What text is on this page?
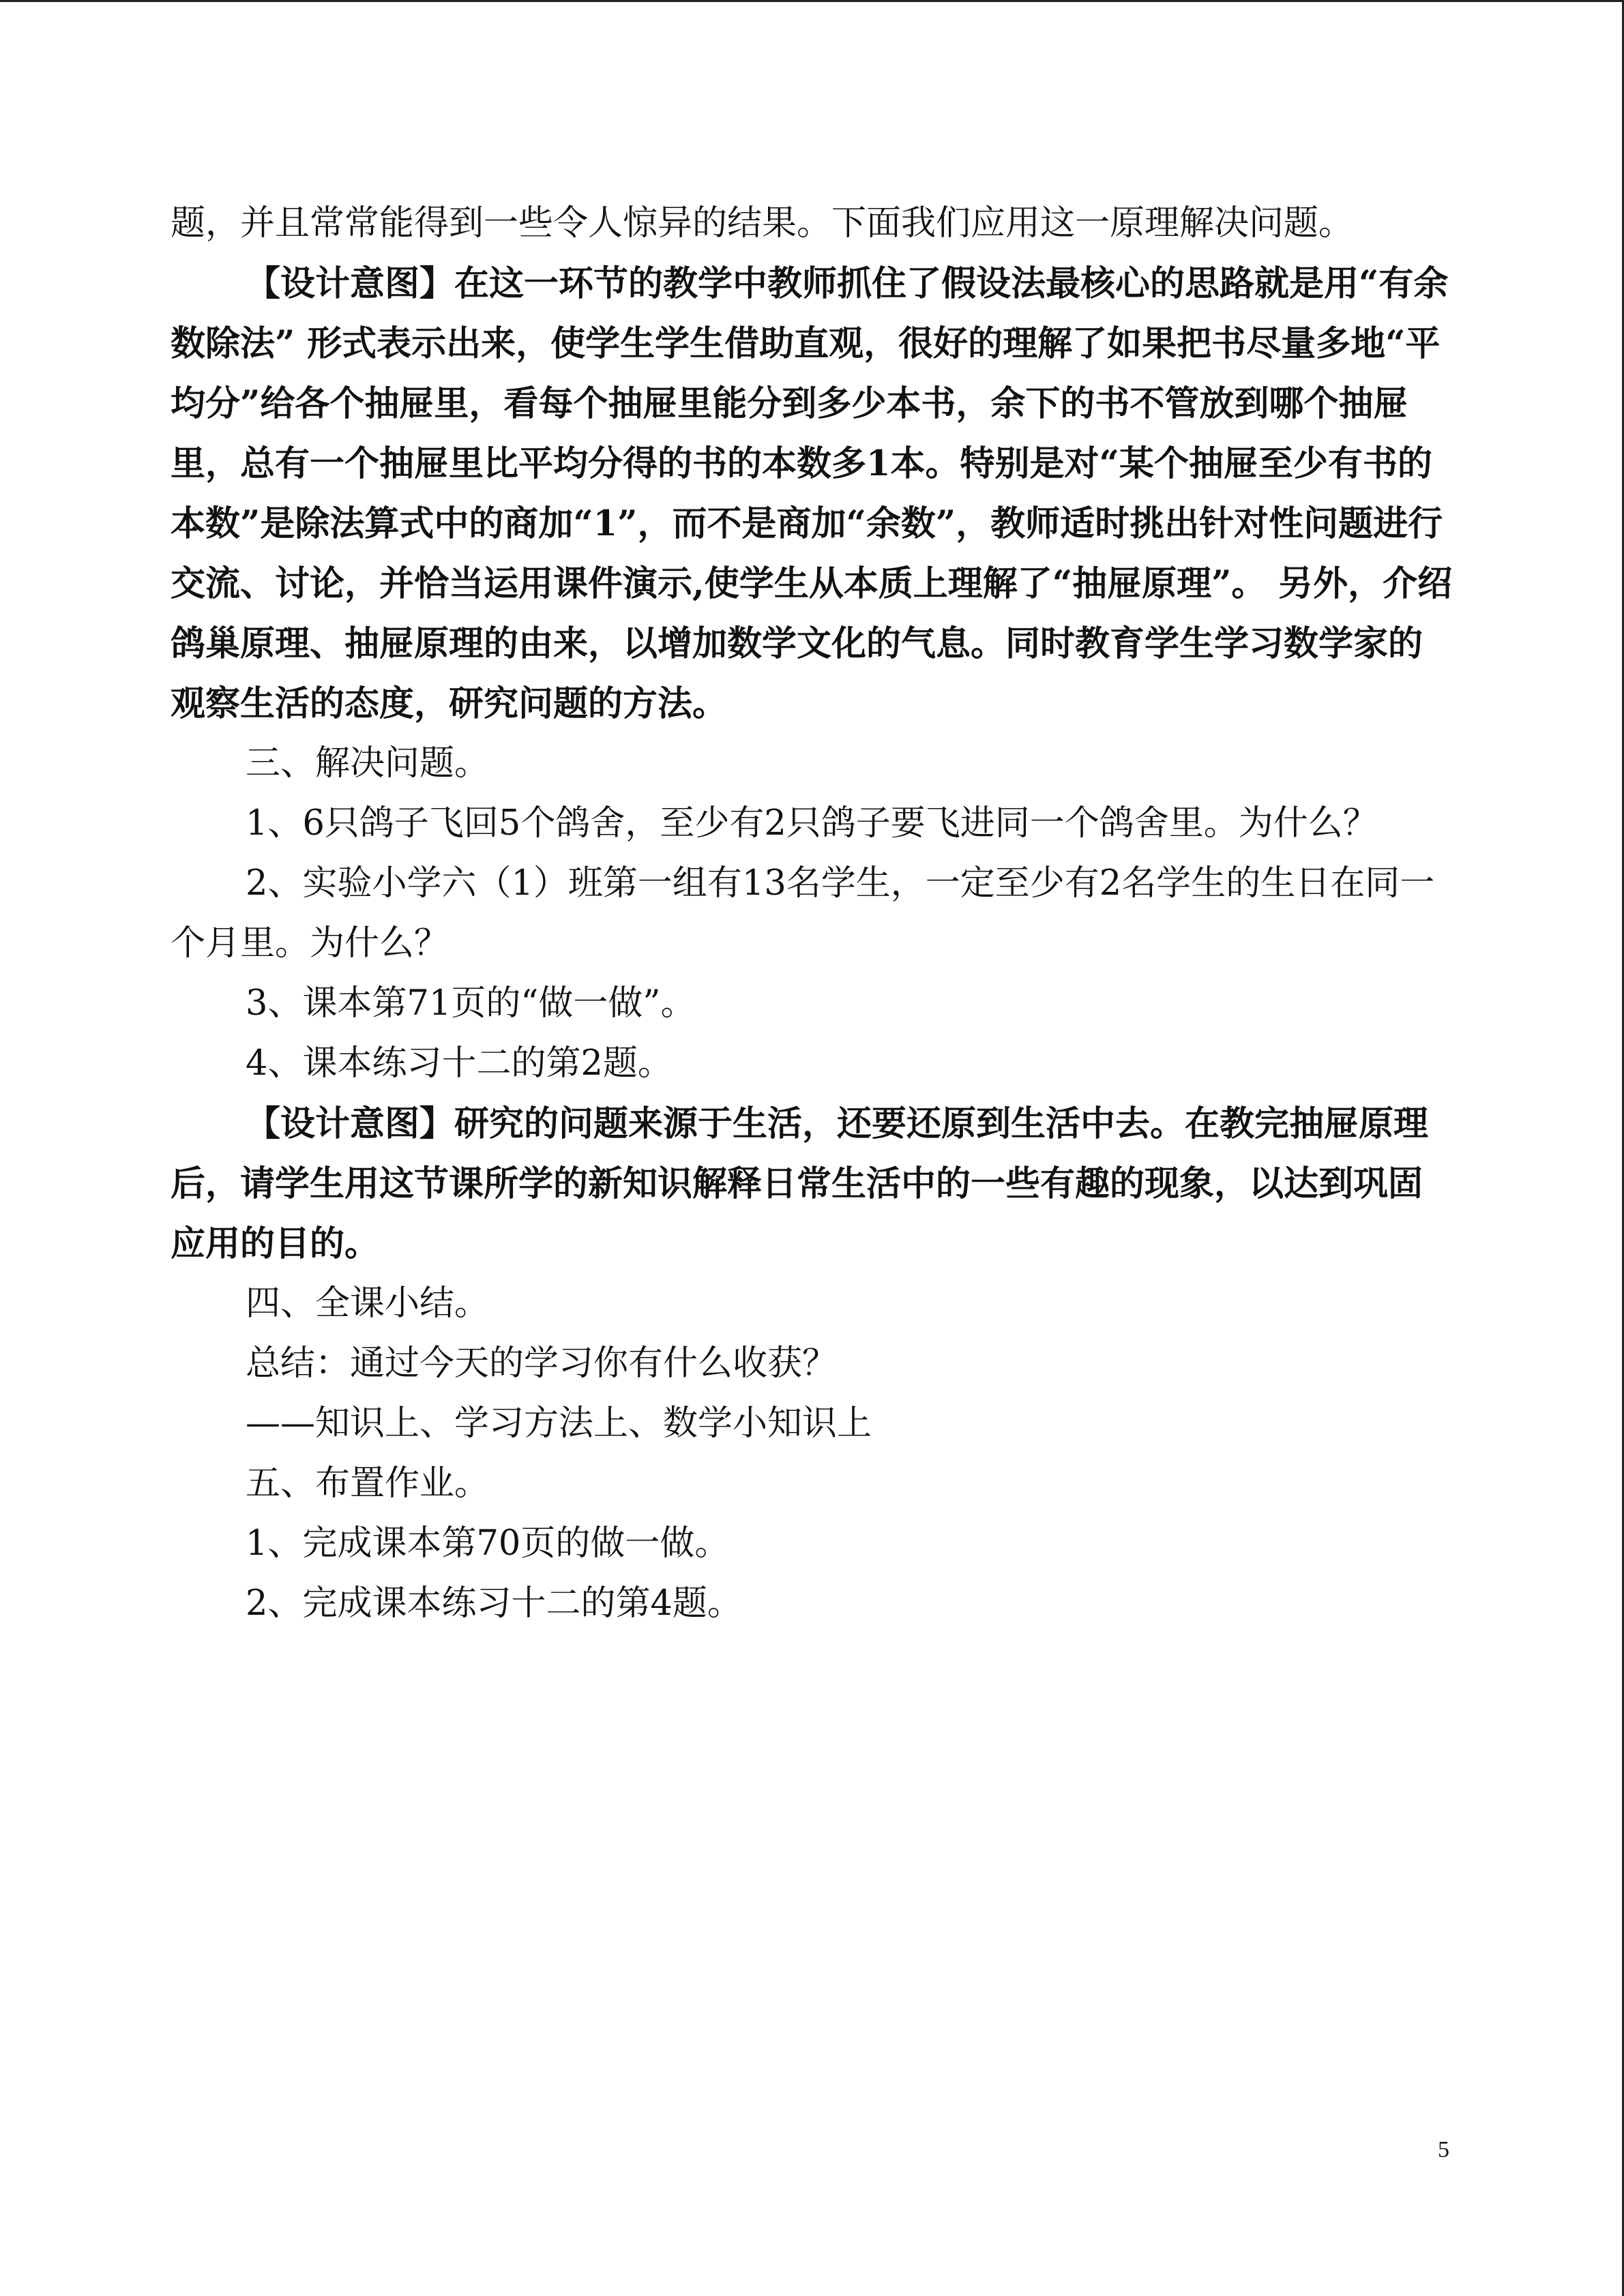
题，并且常常能得到一些令人惊异的结果。下面我们应用这一原理解决问题。

【设计意图】在这一环节的教学中教师抓住了假设法最核心的思路就是用“有余数除法” 形式表示出来，使学生学生借助直观，很好的理解了如果把书尽量多地“平均分”给各个抽屉里，看每个抽屉里能分到多少本书，余下的书不管放到哪个抽屉里，总有一个抽屉里比平均分得的书的本数多1本。特别是对“某个抽屉至少有书的本数”是除法算式中的商加“1”，而不是商加“余数”，教师适时挑出针对性问题进行交流、讨论，并恰当运用课件演示,使学生从本质上理解了“抽屉原理”。 另外，介绍鸽巢原理、抽屉原理的由来，以增加数学文化的气息。同时教育学生学习数学家的观察生活的态度，研究问题的方法。

三、解决问题。

1、6只鸽子飞回5个鸽舍，至少有2只鸽子要飞进同一个鸽舍里。为什么？

2、实验小学六（1）班第一组有13名学生，一定至少有2名学生的生日在同一个月里。为什么？

3、课本第71页的“做一做”。

4、课本练习十二的第2题。

【设计意图】研究的问题来源于生活，还要还原到生活中去。在教完抽屉原理后，请学生用这节课所学的新知识解释日常生活中的一些有趣的现象，以达到巩固应用的目的。

四、全课小结。

总结：通过今天的学习你有什么收获？

——知识上、学习方法上、数学小知识上

五、布置作业。

1、完成课本第70页的做一做。

2、完成课本练习十二的第4题。

5
